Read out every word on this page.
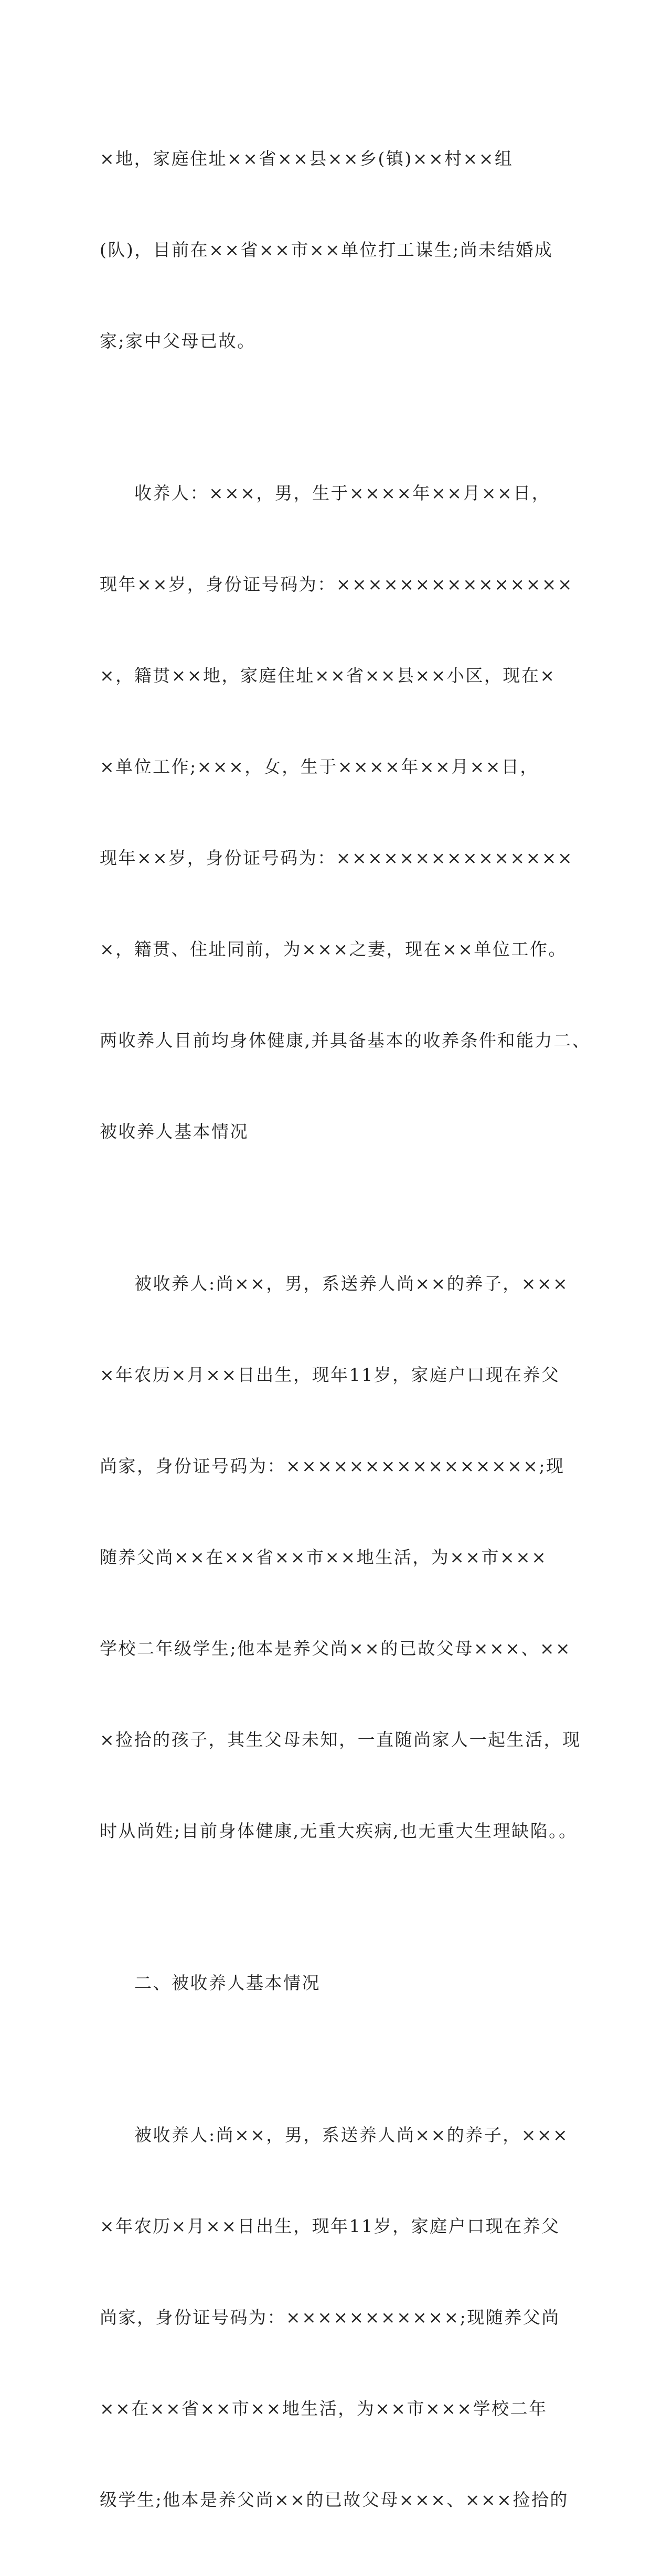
×地，家庭住址××省××县××乡(镇)××村××组

(队)，目前在××省××市××单位打工谋生;尚未结婚成

家;家中父母已故。

收养人：×××，男，生于××××年××月××日，

现年××岁，身份证号码为：×××××××××××××××

×，籍贯××地，家庭住址××省××县××小区，现在×

×单位工作;×××，女，生于××××年××月××日，

现年××岁，身份证号码为：×××××××××××××××

×，籍贯、住址同前，为×××之妻，现在××单位工作。

两收养人目前均身体健康,并具备基本的收养条件和能力二、

被收养人基本情况

被收养人:尚××，男，系送养人尚××的养子，×××

×年农历×月××日出生，现年11岁，家庭户口现在养父

尚家，身份证号码为：××××××××××××××××;现

随养父尚××在××省××市××地生活，为××市×××

学校二年级学生;他本是养父尚××的已故父母×××、××

×捡拾的孩子，其生父母未知，一直随尚家人一起生活，现

时从尚姓;目前身体健康,无重大疾病,也无重大生理缺陷。。

二、被收养人基本情况

被收养人:尚××，男，系送养人尚××的养子，×××

×年农历×月××日出生，现年11岁，家庭户口现在养父

尚家，身份证号码为：×××××××××××;现随养父尚

××在××省××市××地生活，为××市×××学校二年

级学生;他本是养父尚××的已故父母×××、×××捡拾的
